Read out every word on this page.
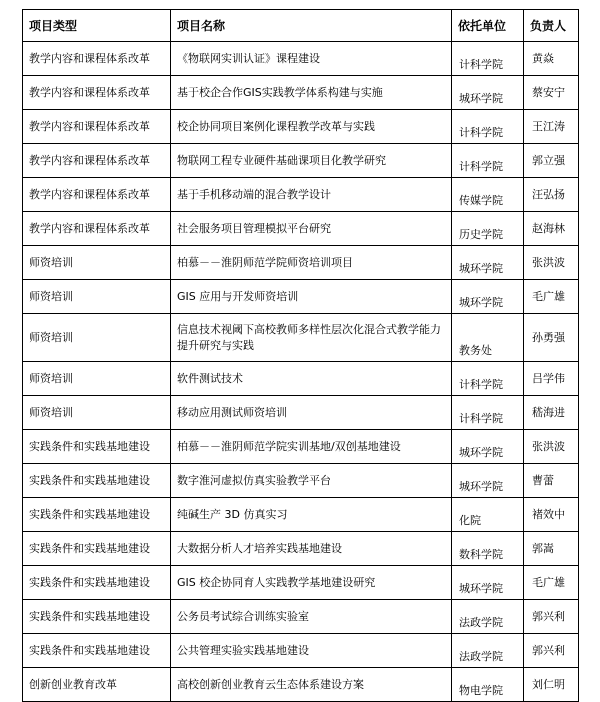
项目类型	项目名称	依托单位	负责人
教学内容和课程体系改革	《物联网实训认证》课程建设	计科学院	黄焱
教学内容和课程体系改革	基于校企合作GIS实践教学体系构建与实施	城环学院	蔡安宁
教学内容和课程体系改革	校企协同项目案例化课程教学改革与实践	计科学院	王江涛
教学内容和课程体系改革	物联网工程专业硬件基础课项目化教学研究	计科学院	郭立强
教学内容和课程体系改革	基于手机移动端的混合教学设计	传媒学院	汪弘扬
教学内容和课程体系改革	社会服务项目管理模拟平台研究	历史学院	赵海林
师资培训	柏慕－－淮阴师范学院师资培训项目	城环学院	张洪波
师资培训	GIS 应用与开发师资培训	城环学院	毛广雄
师资培训	信息技术视阈下高校教师多样性层次化混合式教学能力提升研究与实践	教务处	孙勇强
师资培训	软件测试技术	计科学院	吕学伟
师资培训	移动应用测试师资培训	计科学院	嵇海进
实践条件和实践基地建设	柏慕－－淮阴师范学院实训基地/双创基地建设	城环学院	张洪波
实践条件和实践基地建设	数字淮河虚拟仿真实验教学平台	城环学院	曹蕾
实践条件和实践基地建设	纯碱生产 3D 仿真实习	化院	褚效中
实践条件和实践基地建设	大数据分析人才培养实践基地建设	数科学院	郭嵩
实践条件和实践基地建设	GIS 校企协同育人实践教学基地建设研究	城环学院	毛广雄
实践条件和实践基地建设	公务员考试综合训练实验室	法政学院	郭兴利
实践条件和实践基地建设	公共管理实验实践基地建设	法政学院	郭兴利
创新创业教育改革	高校创新创业教育云生态体系建设方案	物电学院	刘仁明
